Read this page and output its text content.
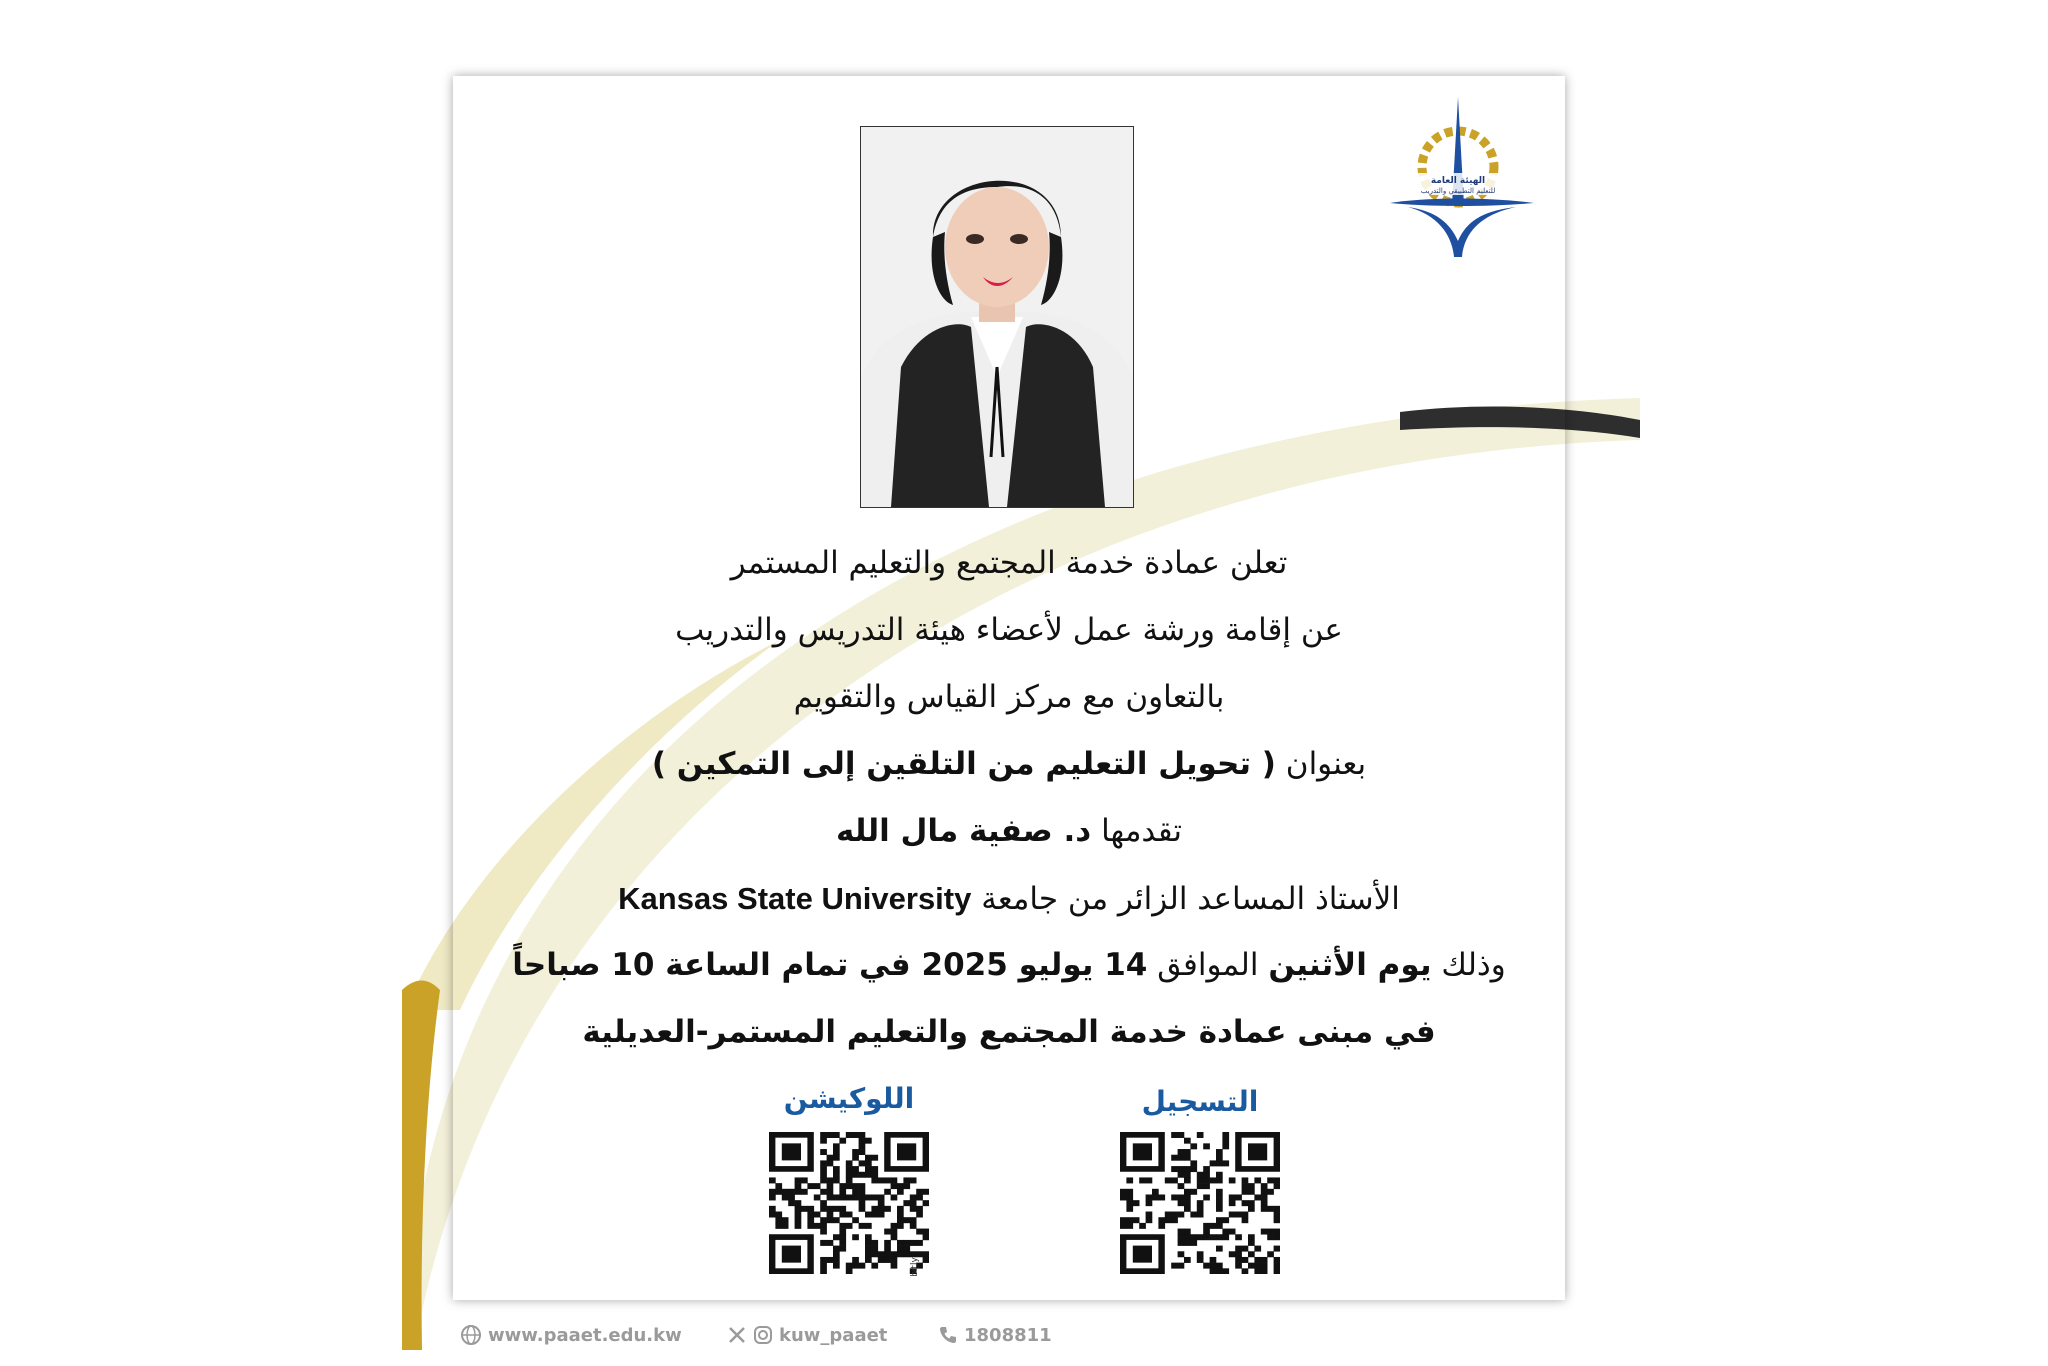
الهيئة العامة
للتعليم التطبيقي والتدريب
تعلن عمادة خدمة المجتمع والتعليم المستمر
عن إقامة ورشة عمل لأعضاء هيئة التدريس والتدريب
بالتعاون مع مركز القياس والتقويم
بعنوان ( تحويل التعليم من التلقين إلى التمكين )
تقدمها د. صفية مال الله
الأستاذ المساعد الزائر من جامعة Kansas State University
وذلك يوم الأثنين الموافق 14 يوليو 2025 في تمام الساعة 10 صباحاً
في مبنى عمادة خدمة المجتمع والتعليم المستمر-العديلية
التسجيل
اللوكيشن
bitly
www.paaet.edu.kw	kuw_paaet	1808811
